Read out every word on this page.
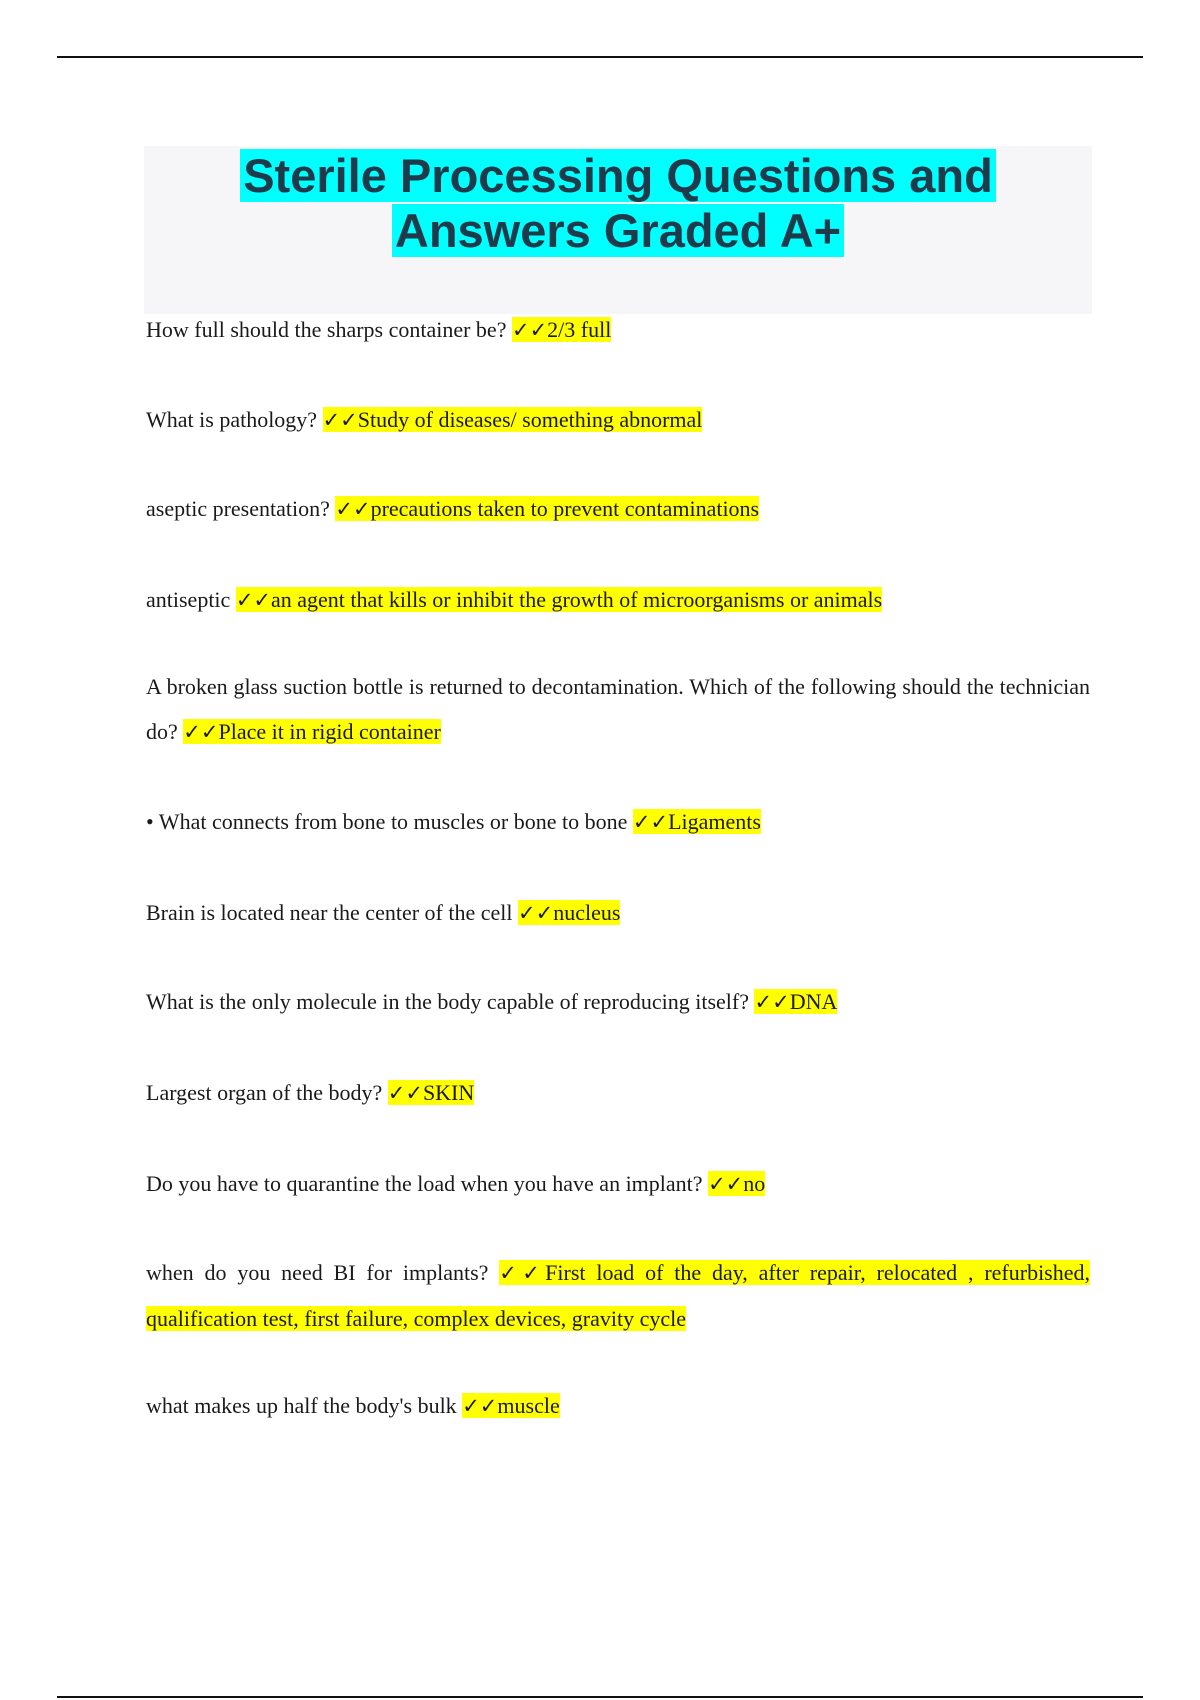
Sterile Processing Questions and
Answers Graded A+
How full should the sharps container be? ✓✓2/3 full
What is pathology? ✓✓Study of diseases/ something abnormal
aseptic presentation? ✓✓precautions taken to prevent contaminations
antiseptic ✓✓an agent that kills or inhibit the growth of microorganisms or animals
A broken glass suction bottle is returned to decontamination. Which of the following should the technician do? ✓✓Place it in rigid container
• What connects from bone to muscles or bone to bone ✓✓Ligaments
Brain is located near the center of the cell ✓✓nucleus
What is the only molecule in the body capable of reproducing itself? ✓✓DNA
Largest organ of the body? ✓✓SKIN
Do you have to quarantine the load when you have an implant? ✓✓no
when do you need BI for implants? ✓✓First load of the day, after repair, relocated , refurbished, qualification test, first failure, complex devices, gravity cycle
what makes up half the body's bulk ✓✓muscle
